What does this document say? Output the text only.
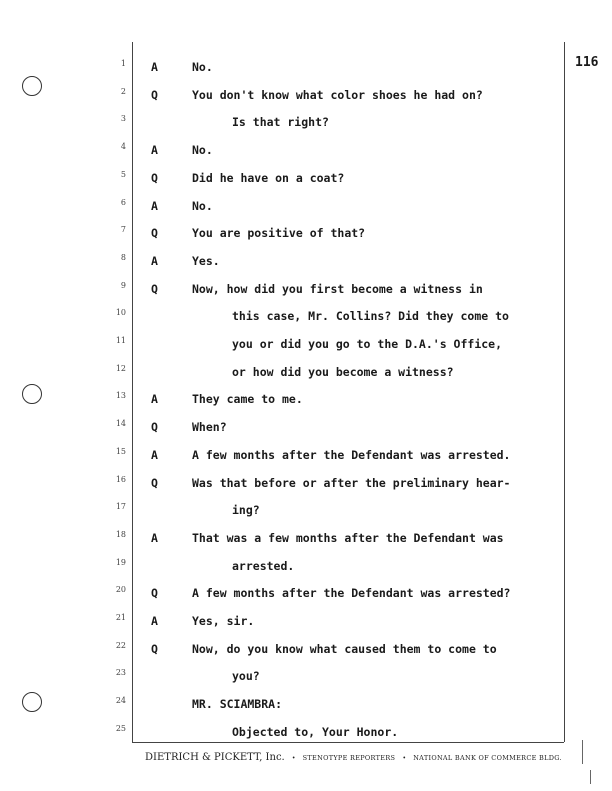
116
1 A	No.
2 Q	You don't know what color shoes he had on?
3	Is that right?
4 A	No.
5 Q	Did he have on a coat?
6 A	No.
7 Q	You are positive of that?
8 A	Yes.
9 Q	Now, how did you first become a witness in
10	this case, Mr. Collins? Did they come to
11	you or did you go to the D.A.'s Office,
12	or how did you become a witness?
13 A	They came to me.
14 Q	When?
15 A	A few months after the Defendant was arrested.
16 Q	Was that before or after the preliminary hear-
17	ing?
18 A	That was a few months after the Defendant was
19	arrested.
20 Q	A few months after the Defendant was arrested?
21 A	Yes, sir.
22 Q	Now, do you know what caused them to come to
23	you?
24	MR. SCIAMBRA:
25	Objected to, Your Honor.
DIETRICH & PICKETT, Inc. • STENOTYPE REPORTERS • NATIONAL BANK OF COMMERCE BLDG.
